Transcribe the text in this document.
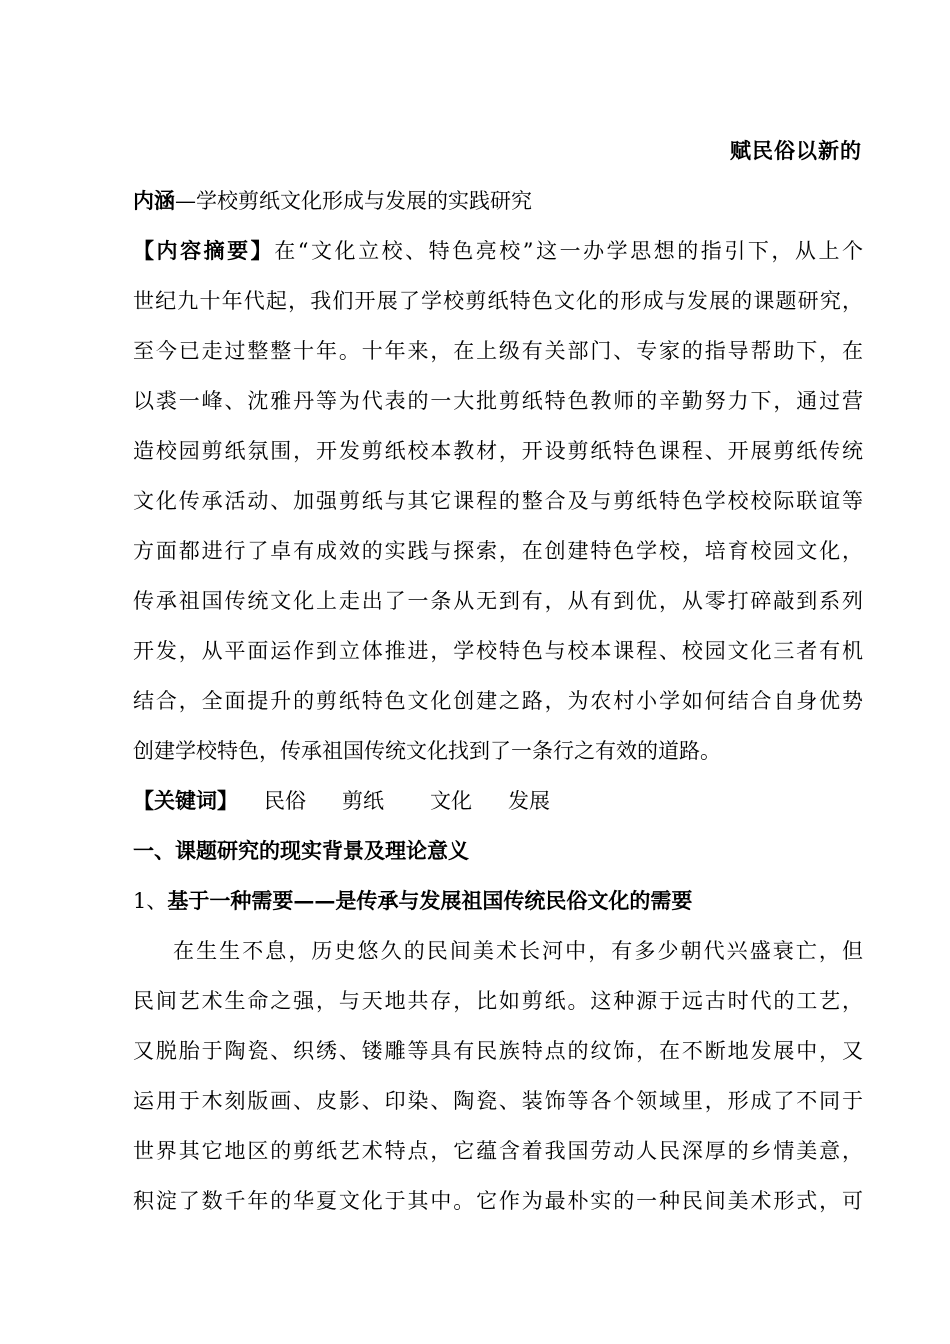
赋民俗以新的
内涵—学校剪纸文化形成与发展的实践研究
【内容摘要】在“文化立校、特色亮校”这一办学思想的指引下，从上个
世纪九十年代起，我们开展了学校剪纸特色文化的形成与发展的课题研究，
至今已走过整整十年。十年来，在上级有关部门、专家的指导帮助下，在
以裘一峰、沈雅丹等为代表的一大批剪纸特色教师的辛勤努力下，通过营
造校园剪纸氛围，开发剪纸校本教材，开设剪纸特色课程、开展剪纸传统
文化传承活动、加强剪纸与其它课程的整合及与剪纸特色学校校际联谊等
方面都进行了卓有成效的实践与探索，在创建特色学校，培育校园文化，
传承祖国传统文化上走出了一条从无到有，从有到优，从零打碎敲到系列
开发，从平面运作到立体推进，学校特色与校本课程、校园文化三者有机
结合，全面提升的剪纸特色文化创建之路，为农村小学如何结合自身优势
创建学校特色，传承祖国传统文化找到了一条行之有效的道路。
【关键词】 民俗 剪纸 文化 发展
一、课题研究的现实背景及理论意义
1、基于一种需要——是传承与发展祖国传统民俗文化的需要
在生生不息，历史悠久的民间美术长河中，有多少朝代兴盛衰亡，但
民间艺术生命之强，与天地共存，比如剪纸。这种源于远古时代的工艺，
又脱胎于陶瓷、织绣、镂雕等具有民族特点的纹饰，在不断地发展中，又
运用于木刻版画、皮影、印染、陶瓷、装饰等各个领域里，形成了不同于
世界其它地区的剪纸艺术特点，它蕴含着我国劳动人民深厚的乡情美意，
积淀了数千年的华夏文化于其中。它作为最朴实的一种民间美术形式，可
